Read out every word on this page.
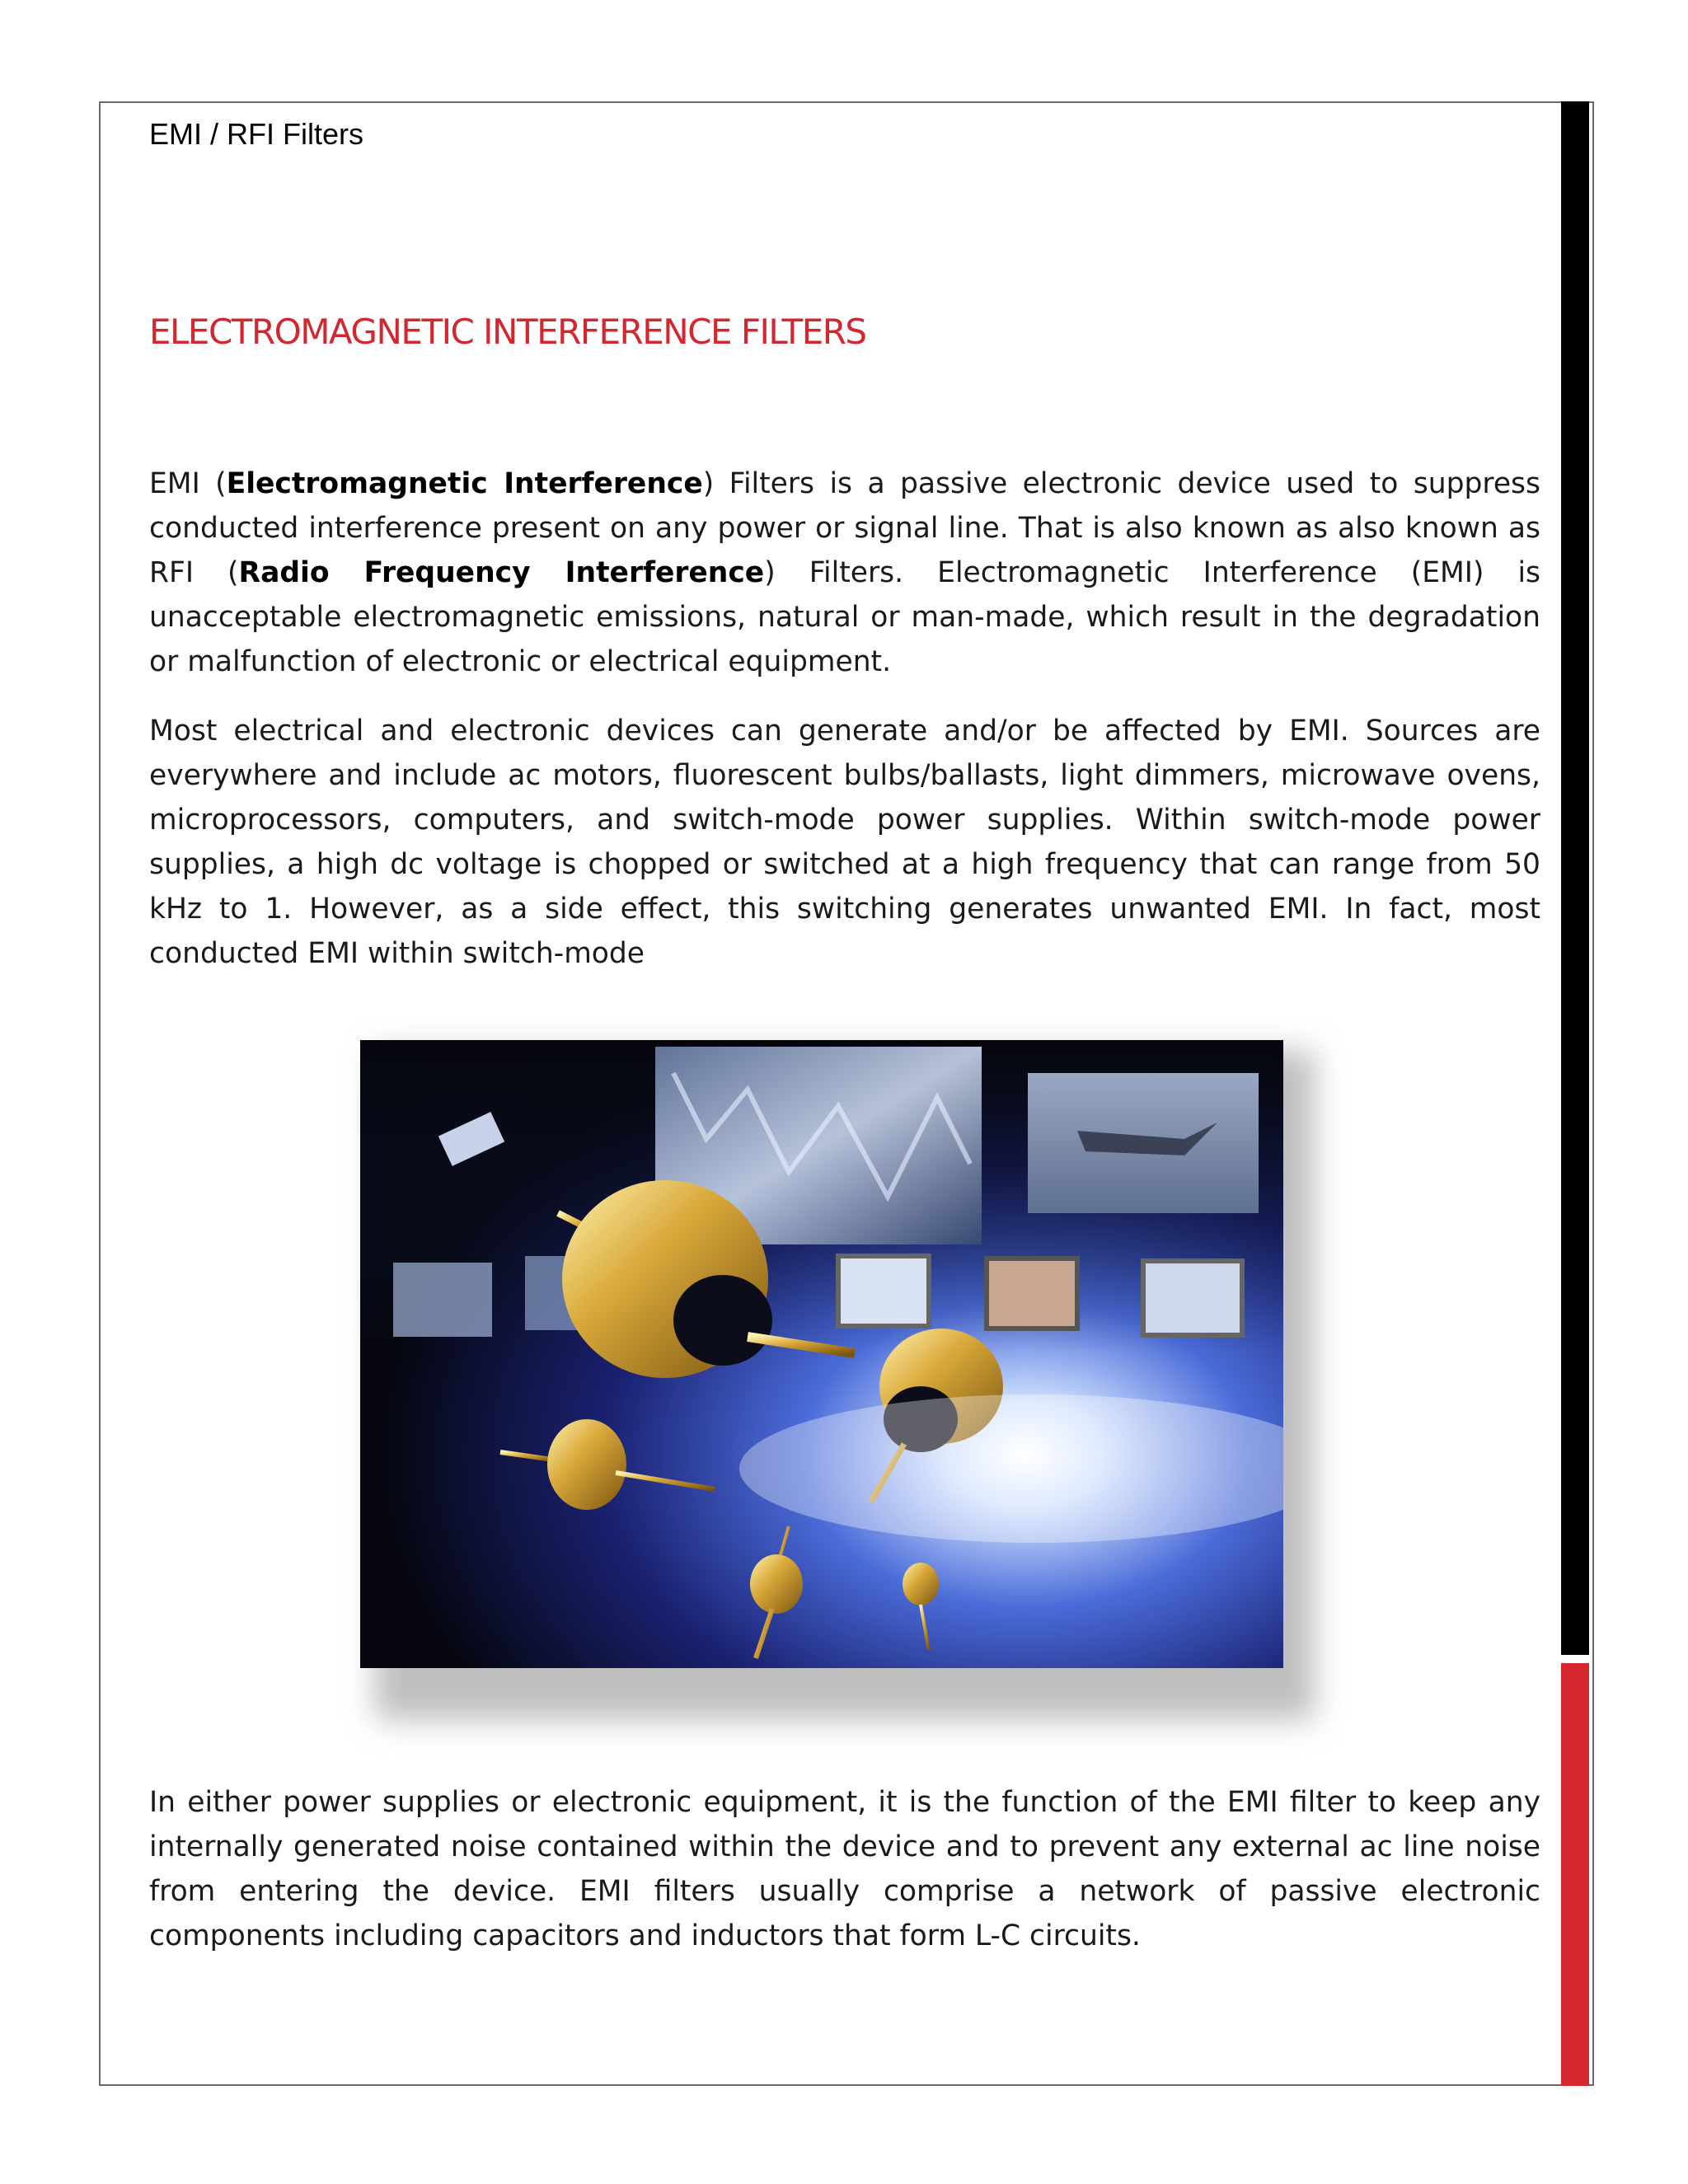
EMI / RFI Filters
ELECTROMAGNETIC INTERFERENCE FILTERS

EMI (Electromagnetic Interference) Filters is a passive electronic device used to suppress conducted interference present on any power or signal line. That is also known as also known as RFI (Radio Frequency Interference) Filters. Electromagnetic Interference (EMI) is unacceptable electromagnetic emissions, natural or man-made, which result in the degradation or malfunction of electronic or electrical equipment.

Most electrical and electronic devices can generate and/or be affected by EMI. Sources are everywhere and include ac motors, fluorescent bulbs/ballasts, light dimmers, microwave ovens, microprocessors, computers, and switch-mode power supplies. Within switch-mode power supplies, a high dc voltage is chopped or switched at a high frequency that can range from 50 kHz to 1. However, as a side effect, this switching generates unwanted EMI. In fact, most conducted EMI within switch-mode

In either power supplies or electronic equipment, it is the function of the EMI filter to keep any internally generated noise contained within the device and to prevent any external ac line noise from entering the device. EMI filters usually comprise a network of passive electronic components including capacitors and inductors that form L-C circuits.
